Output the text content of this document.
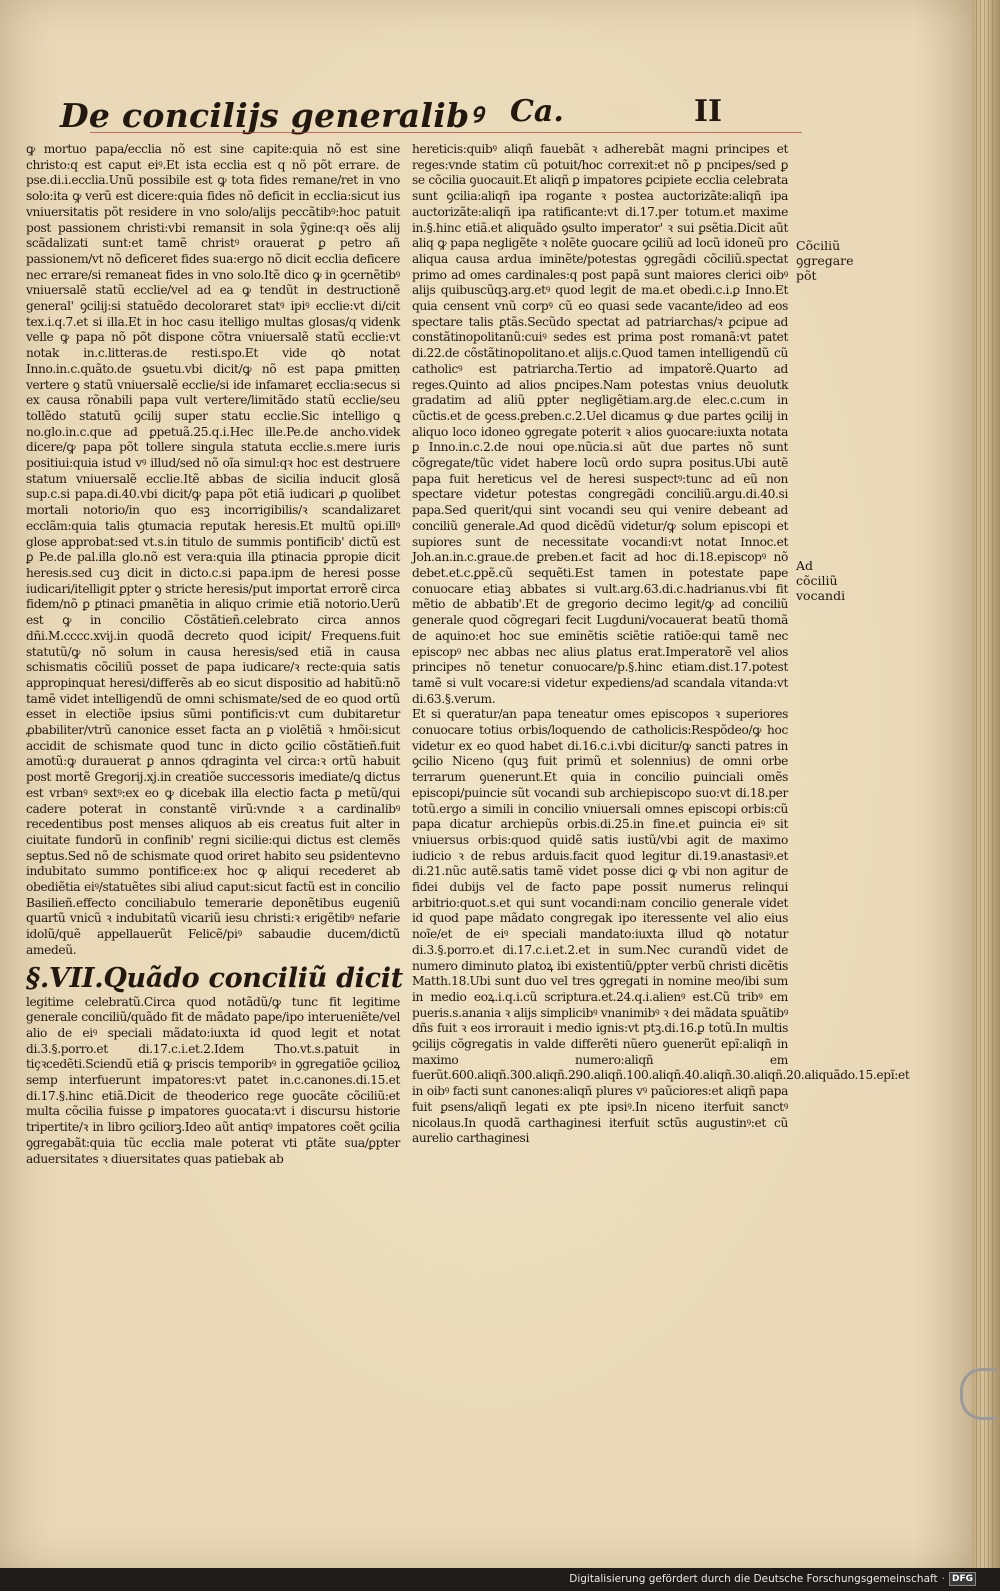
De concilijs generalibꝰ Ca.	II

ꝙ mortuo papa/ecclia nõ est sine capite:quia nõ est sine christo:q est caput eiꝰ.Et ista ecclia est q nõ põt errare. de pse.di.i.ecclia.Unũ possibile est ꝙ tota fides remane/ret in vno solo:ita ꝙ verũ est dicere:quia fides nõ deficit in ecclia:sicut ius vniuersitatis põt residere in vno solo/alijs peccãtibꝰ:hoc patuit post passionem christi:vbi remansit in sola ỹgine:qꝛ oẽs alij scãdalizati sunt:et tamẽ christꝰ orauerat ꝑ petro añ passionem/vt nõ deficeret fides sua:ergo nõ dicit ecclia deficere nec errare/si remaneat fides in vno solo.Itẽ dico ꝙ in ꝯcernẽtibꝰ vniuersalẽ statũ ecclie/vel ad ea ꝙ tendũt in destructionẽ general' ꝯcilij:si statuẽdo decoloraret statꝰ ipiꝰ ecclie:vt di/cit tex.i.q.7.et si illa.Et in hoc casu itelligo multas glosas/q videnk velle ꝙ papa nõ põt dispone cõtra vniuersalẽ statũ ecclie:vt notak in.c.litteras.de resti.spo.Et vide qꝺ notat Inno.in.c.quãto.de ꝯsuetu.vbi dicit/ꝙ nõ est papa ꝑmitteṇ vertere ꝯ statũ vniuersalẽ ecclie/si ide infamareṭ ecclia:secus si ex causa rõnabili papa vult vertere/limitãdo statũ ecclie/seu tollẽdo statutũ ꝯcilij super statu ecclie.Sic intelligo ꝗ no.glo.in.c.que ad ꝑpetuã.25.q.i.Hec ille.Pe.de ancho.videk dicere/ꝙ papa põt tollere singula statuta ecclie.s.mere iuris positiui:quia istud vꝰ illud/sed nõ oĩa simul:qꝛ hoc est destruere statum vniuersalẽ ecclie.Itẽ abbas de sicilia inducit glosã sup.c.si papa.di.40.vbi dicit/ꝙ papa põt etiã iudicari ꝓ quolibet mortali notorio/in quo esꝫ incorrigibilis/ꝛ scandalizaret ecclãm:quia talis ꝯtumacia reputak heresis.Et multũ opi.illꝰ glose approbat:sed vt.s.in titulo de summis pontificib' dictũ est ꝑ Pe.de pal.illa glo.nõ est vera:quia illa ꝑtinacia ꝑpropie dicit heresis.sed cuꝫ dicit in dicto.c.si papa.ipm de heresi posse iudicari/itelligit ꝑpter ꝯ stricte heresis/put importat errorẽ circa fidem/nõ ꝑ ꝑtinaci ꝑmanẽtia in aliquo crimie etiã notorio.Uerũ est ꝙ in concilio Cõstãtieñ.celebrato circa annos dñi.M.cccc.xvij.in quodã decreto quod icipit/ Frequens.fuit statutũ/ꝙ nõ solum in causa heresis/sed etiã in causa schismatis cõciliũ posset de papa iudicare/ꝛ recte:quia satis appropinquat heresi/differẽs ab eo sicut dispositio ad habitũ:nõ tamẽ videt intelligendũ de omni schismate/sed de eo quod ortũ esset in electiõe ipsius sũmi pontificis:vt cum dubitaretur ꝓbabiliter/vtrũ canonice esset facta an ꝑ violẽtiã ꝛ hmõi:sicut accidit de schismate quod tunc in dicto ꝯcilio cõstãtieñ.fuit amotũ:ꝙ durauerat ꝑ annos qdraginta vel circa:ꝛ ortũ habuit post mortẽ Gregorij.xj.in creatiõe successoris imediate/ꝗ dictus est vrbanꝰ sextꝰ:ex eo ꝙ dicebak illa electio facta ꝑ metũ/qui cadere poterat in constantẽ virũ:vnde ꝛ a cardinalibꝰ recedentibus post menses aliquos ab eis creatus fuit alter in ciuitate fundorũ in confinib' regni sicilie:qui dictus est clemẽs septus.Sed nõ de schismate quod oriret habito seu ꝑsidentevno indubitato summo pontifice:ex hoc ꝙ aliqui recederet ab obediẽtia eiꝰ/statuẽtes sibi aliud caput:sicut factũ est in concilio Basilieñ.effecto conciliabulo temerarie deponẽtibus eugeniũ quartũ vnicũ ꝛ indubitatũ vicariũ iesu christi:ꝛ erigẽtibꝰ nefarie idolũ/quẽ appellauerũt Felicẽ/piꝰ sabaudie ducem/dictũ amedeũ.

§.VII.Quãdo conciliũ dicit

legitime celebratũ.Circa quod notãdũ/ꝙ tunc fit legitime generale conciliũ/quãdo fit de mãdato pape/ipo interueniẽte/vel alio de eiꝰ speciali mãdato:iuxta id quod legit et notat di.3.§.porro.et di.17.c.i.et.2.Idem Tho.vt.s.patuit in tiçꝛcedẽti.Sciendũ etiã ꝙ priscis temporibꝰ in ꝯgregatiõe ꝯcilioꝝ semp interfuerunt impatores:vt patet in.c.canones.di.15.et di.17.§.hinc etiã.Dicit de theoderico rege ꝯuocãte cõciliũ:et multa cõcilia fuisse ꝑ impatores ꝯuocata:vt i discursu historie tripertite/ꝛ in libro ꝯciliorꝫ.Ideo aũt antiqꝰ impatores coẽt ꝯcilia ꝯgregabãt:quia tũc ecclia male poterat vti ꝑtãte sua/ꝑpter aduersitates ꝛ diuersitates quas patiebak ab

hereticis:quibꝰ aliqñ fauebãt ꝛ adherebãt magni principes et reges:vnde statim cũ potuit/hoc correxit:et nõ ꝑ pncipes/sed ꝑ se cõcilia ꝯuocauit.Et aliqñ ꝑ impatores ꝑcipiete ecclia celebrata sunt ꝯcilia:aliqñ ipa rogante ꝛ postea auctorizãte:aliqñ ipa auctorizãte:aliqñ ipa ratificante:vt di.17.per totum.et maxime in.§.hinc etiã.et aliquãdo ꝯsulto imperator' ꝛ sui ꝑsẽtia.Dicit aũt aliq ꝙ papa negligẽte ꝛ nolẽte ꝯuocare ꝯciliũ ad locũ idoneũ pro aliqua causa ardua iminẽte/potestas ꝯgregãdi cõciliũ.spectat primo ad omes cardinales:q post papã sunt maiores clerici oibꝰ alijs quibuscũqꝫ.arg.etꝰ quod legit de ma.et obedi.c.i.ꝑ Inno.Et quia censent vnũ corpꝰ cũ eo quasi sede vacante/ideo ad eos spectare talis ꝑtãs.Secũdo spectat ad patriarchas/ꝛ ꝑcipue ad constãtinopolitanũ:cuiꝰ sedes est prima post romanã:vt patet di.22.de cõstãtinopolitano.et alijs.c.Quod tamen intelligendũ cũ catholicꝰ est patriarcha.Tertio ad impatorẽ.Quarto ad reges.Quinto ad alios ꝑncipes.Nam potestas vnius deuolutk gradatim ad aliũ ꝑpter negligẽtiam.arg.de elec.c.cum in cũctis.et de ꝯcess.ꝑreben.c.2.Uel dicamus ꝙ due partes ꝯcilij in aliquo loco idoneo ꝯgregate poterit ꝛ alios ꝯuocare:iuxta notata ꝑ Inno.in.c.2.de noui ope.nũcia.si aũt due partes nõ sunt cõgregate/tũc videt habere locũ ordo supra positus.Ubi autẽ papa fuit hereticus vel de heresi suspectꝰ:tunc ad eũ non spectare videtur potestas congregãdi conciliũ.argu.di.40.si papa.Sed querit/qui sint vocandi seu qui venire debeant ad conciliũ generale.Ad quod dicẽdũ videtur/ꝙ solum episcopi et supiores sunt de necessitate vocandi:vt notat Innoc.et Joh.an.in.c.graue.de ꝑreben.et facit ad hoc di.18.episcopꝰ nõ debet.et.c.ꝑpẽ.cũ sequẽti.Est tamen in potestate pape conuocare etiaꝫ abbates si vult.arg.63.di.c.hadrianus.vbi fit mẽtio de abbatib'.Et de gregorio decimo legit/ꝙ ad conciliũ generale quod cõgregari fecit Lugduni/vocauerat beatũ thomã de aquino:et hoc sue eminẽtis sciẽtie ratiõe:qui tamẽ nec episcopꝰ nec abbas nec alius ꝑlatus erat.Imperatorẽ vel alios principes nõ tenetur conuocare/p.§.hinc etiam.dist.17.potest tamẽ si vult vocare:si videtur expediens/ad scandala vitanda:vt di.63.§.verum.

Et si queratur/an papa teneatur omes episcopos ꝛ superiores conuocare totius orbis/loquendo de catholicis:Respõdeo/ꝙ hoc videtur ex eo quod habet di.16.c.i.vbi dicitur/ꝙ sancti patres in ꝯcilio Niceno (quꝫ fuit primũ et solennius) de omni orbe terrarum ꝯuenerunt.Et quia in concilio ꝑuinciali omẽs episcopi/puincie sũt vocandi sub archiepiscopo suo:vt di.18.per totũ.ergo a simili in concilio vniuersali omnes episcopi orbis:cũ papa dicatur archiepũs orbis.di.25.in fine.et ꝑuincia eiꝰ sit vniuersus orbis:quod quidẽ satis iustũ/vbi agit de maximo iudicio ꝛ de rebus arduis.facit quod legitur di.19.anastasiꝰ.et di.21.nũc autẽ.satis tamẽ videt posse dici ꝙ vbi non agitur de fidei dubijs vel de facto pape possit numerus relinqui arbitrio:quot.s.et qui sunt vocandi:nam concilio generale videt id quod pape mãdato congregak ipo iteressente vel alio eius noĩe/et de eiꝰ speciali mandato:iuxta illud qꝺ notatur di.3.§.porro.et di.17.c.i.et.2.et in sum.Nec curandũ videt de numero diminuto ꝑlatoꝝ ibi existentiũ/ꝑpter verbũ christi dicẽtis Matth.18.Ubi sunt duo vel tres ꝯgregati in nomine meo/ibi sum in medio eoꝝ.i.q.i.cũ scriptura.et.24.q.i.alienꝰ est.Cũ tribꝰ em pueris.s.anania ꝛ alijs simplicibꝰ vnanimibꝰ ꝛ dei mãdata sꝑuãtibꝰ dñs fuit ꝛ eos irrorauit i medio ignis:vt ptꝫ.di.16.ꝑ totũ.In multis ꝯcilijs cõgregatis in valde differẽti nũero ꝯuenerũt epĩ:aliqñ in maximo numero:aliqñ em fuerũt.600.aliqñ.300.aliqñ.290.aliqñ.100.aliqñ.40.aliqñ.30.aliqñ.20.aliquãdo.15.epĩ:et in oibꝰ facti sunt canones:aliqñ plures vꝰ paũciores:et aliqñ papa fuit ꝑsens/aliqñ legati ex pte ipsiꝰ.In niceno iterfuit sanctꝰ nicolaus.In quodã carthaginesi iterfuit sctũs augustinꝰ:et cũ aurelio carthaginesi

Cõciliũ ꝯgregare põt
Ad cõciliũ vocandi
Digitalisierung gefördert durch die Deutsche Forschungsgemeinschaft · DFG
